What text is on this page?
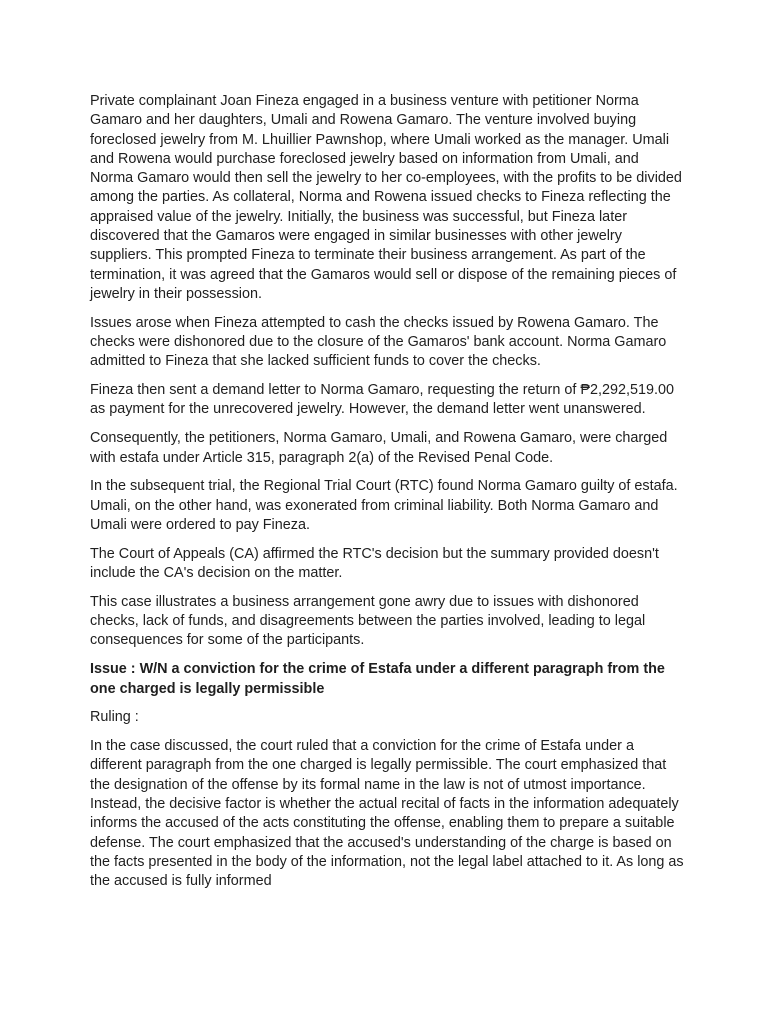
Private complainant Joan Fineza engaged in a business venture with petitioner Norma Gamaro and her daughters, Umali and Rowena Gamaro. The venture involved buying foreclosed jewelry from M. Lhuillier Pawnshop, where Umali worked as the manager. Umali and Rowena would purchase foreclosed jewelry based on information from Umali, and Norma Gamaro would then sell the jewelry to her co-employees, with the profits to be divided among the parties. As collateral, Norma and Rowena issued checks to Fineza reflecting the appraised value of the jewelry. Initially, the business was successful, but Fineza later discovered that the Gamaros were engaged in similar businesses with other jewelry suppliers. This prompted Fineza to terminate their business arrangement. As part of the termination, it was agreed that the Gamaros would sell or dispose of the remaining pieces of jewelry in their possession.

Issues arose when Fineza attempted to cash the checks issued by Rowena Gamaro. The checks were dishonored due to the closure of the Gamaros' bank account. Norma Gamaro admitted to Fineza that she lacked sufficient funds to cover the checks.

Fineza then sent a demand letter to Norma Gamaro, requesting the return of ₱2,292,519.00 as payment for the unrecovered jewelry. However, the demand letter went unanswered.

Consequently, the petitioners, Norma Gamaro, Umali, and Rowena Gamaro, were charged with estafa under Article 315, paragraph 2(a) of the Revised Penal Code.

In the subsequent trial, the Regional Trial Court (RTC) found Norma Gamaro guilty of estafa. Umali, on the other hand, was exonerated from criminal liability. Both Norma Gamaro and Umali were ordered to pay Fineza.

The Court of Appeals (CA) affirmed the RTC's decision but the summary provided doesn't include the CA's decision on the matter.

This case illustrates a business arrangement gone awry due to issues with dishonored checks, lack of funds, and disagreements between the parties involved, leading to legal consequences for some of the participants.

Issue : W/N a conviction for the crime of Estafa under a different paragraph from the one charged is legally permissible

Ruling :

In the case discussed, the court ruled that a conviction for the crime of Estafa under a different paragraph from the one charged is legally permissible. The court emphasized that the designation of the offense by its formal name in the law is not of utmost importance. Instead, the decisive factor is whether the actual recital of facts in the information adequately informs the accused of the acts constituting the offense, enabling them to prepare a suitable defense. The court emphasized that the accused's understanding of the charge is based on the facts presented in the body of the information, not the legal label attached to it. As long as the accused is fully informed
